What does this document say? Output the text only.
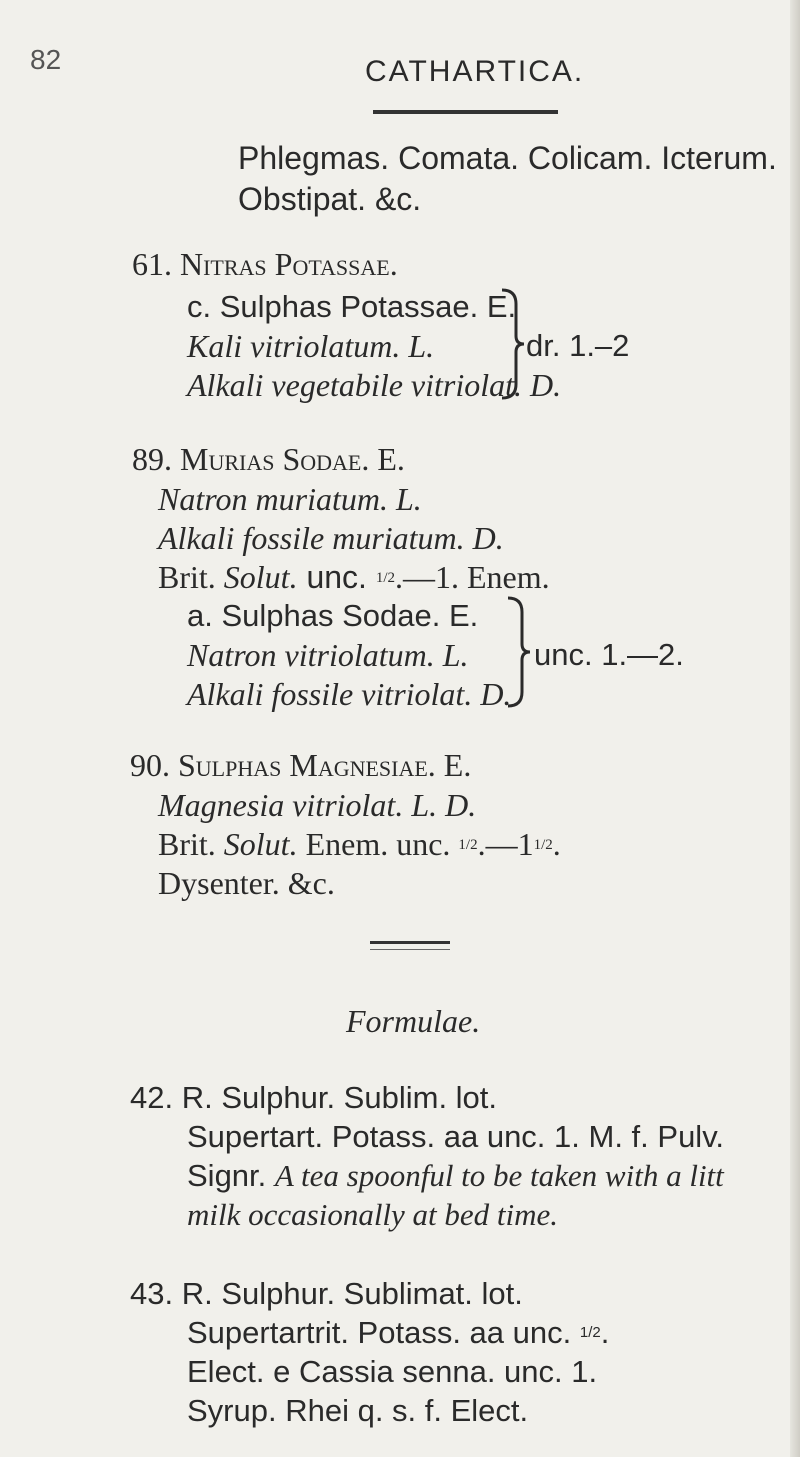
82	CATHARTICA.
Phlegmas. Comata. Colicam. Icterum.
Obstipat. &c.
61. Nitras Potassae.
c. Sulphas Potassae. E.
Kali vitriolatum. L.
Alkali vegetabile vitriolat. D.
dr. 1.–2
89. Murias Sodae. E.
Natron muriatum. L.
Alkali fossile muriatum. D.
Brit. Solut. unc. 1/2.—1. Enem.
a. Sulphas Sodae. E.
Natron vitriolatum. L.
Alkali fossile vitriolat. D.
unc. 1.—2.
90. Sulphas Magnesiae. E.
Magnesia vitriolat. L. D.
Brit. Solut. Enem. unc. 1/2.—11/2.
Dysenter. &c.
Formulae.
42. R. Sulphur. Sublim. lot.
Supertart. Potass. aa unc. 1. M. f. Pulv.
Signr. A tea spoonful to be taken with a litt
milk occasionally at bed time.
43. R. Sulphur. Sublimat. lot.
Supertartrit. Potass. aa unc. 1/2.
Elect. e Cassia senna. unc. 1.
Syrup. Rhei q. s. f. Elect.
